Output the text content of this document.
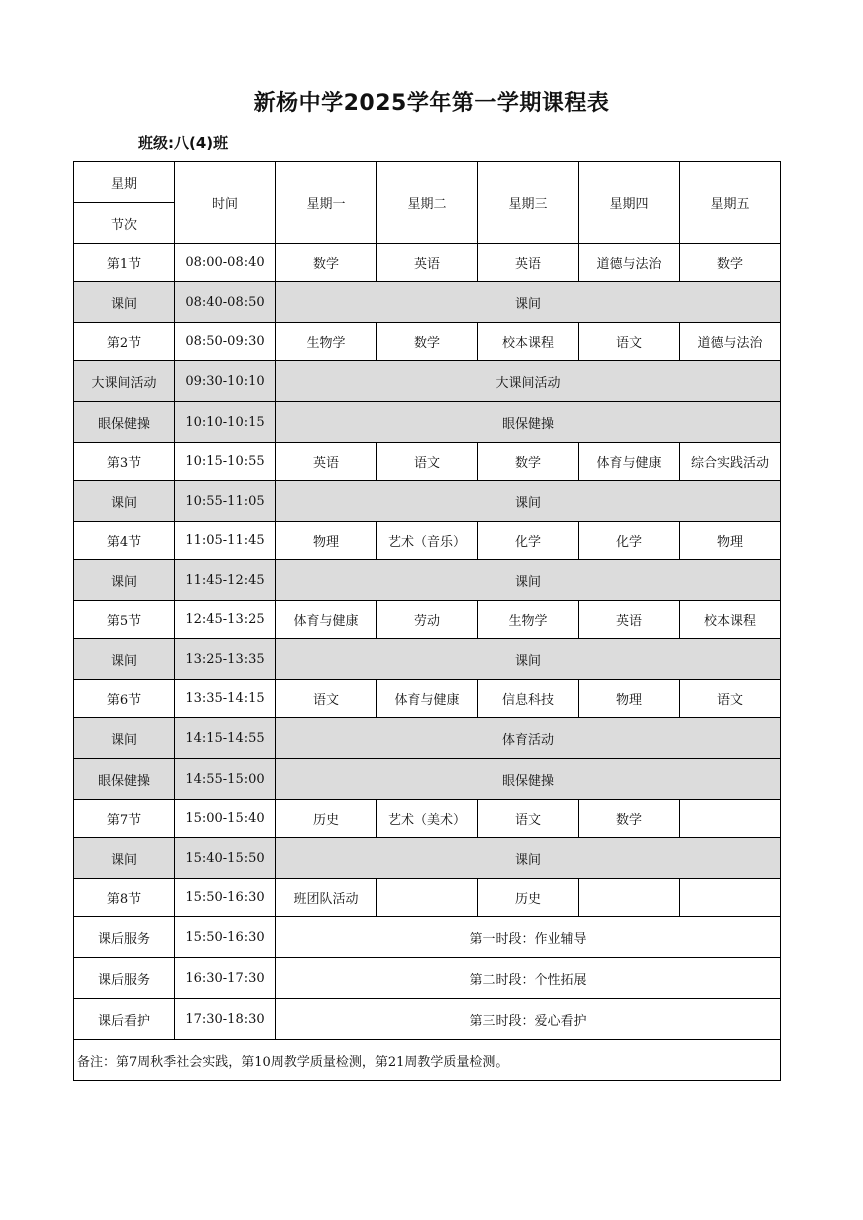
新杨中学2025学年第一学期课程表
班级:八(4)班
星期	时间	星期一	星期二	星期三	星期四	星期五
节次						
第1节	08:00-08:40	数学	英语	英语	道德与法治	数学
课间	08:40-08:50	课间				
第2节	08:50-09:30	生物学	数学	校本课程	语文	道德与法治
大课间活动	09:30-10:10	大课间活动				
眼保健操	10:10-10:15	眼保健操				
第3节	10:15-10:55	英语	语文	数学	体育与健康	综合实践活动
课间	10:55-11:05	课间				
第4节	11:05-11:45	物理	艺术（音乐）	化学	化学	物理
课间	11:45-12:45	课间				
第5节	12:45-13:25	体育与健康	劳动	生物学	英语	校本课程
课间	13:25-13:35	课间				
第6节	13:35-14:15	语文	体育与健康	信息科技	物理	语文
课间	14:15-14:55	体育活动				
眼保健操	14:55-15:00	眼保健操				
第7节	15:00-15:40	历史	艺术（美术）	语文	数学	
课间	15:40-15:50	课间				
第8节	15:50-16:30	班团队活动		历史		
课后服务	15:50-16:30	第一时段：作业辅导				
课后服务	16:30-17:30	第二时段：个性拓展				
课后看护	17:30-18:30	第三时段：爱心看护				
备注：第7周秋季社会实践，第10周教学质量检测，第21周教学质量检测。						
